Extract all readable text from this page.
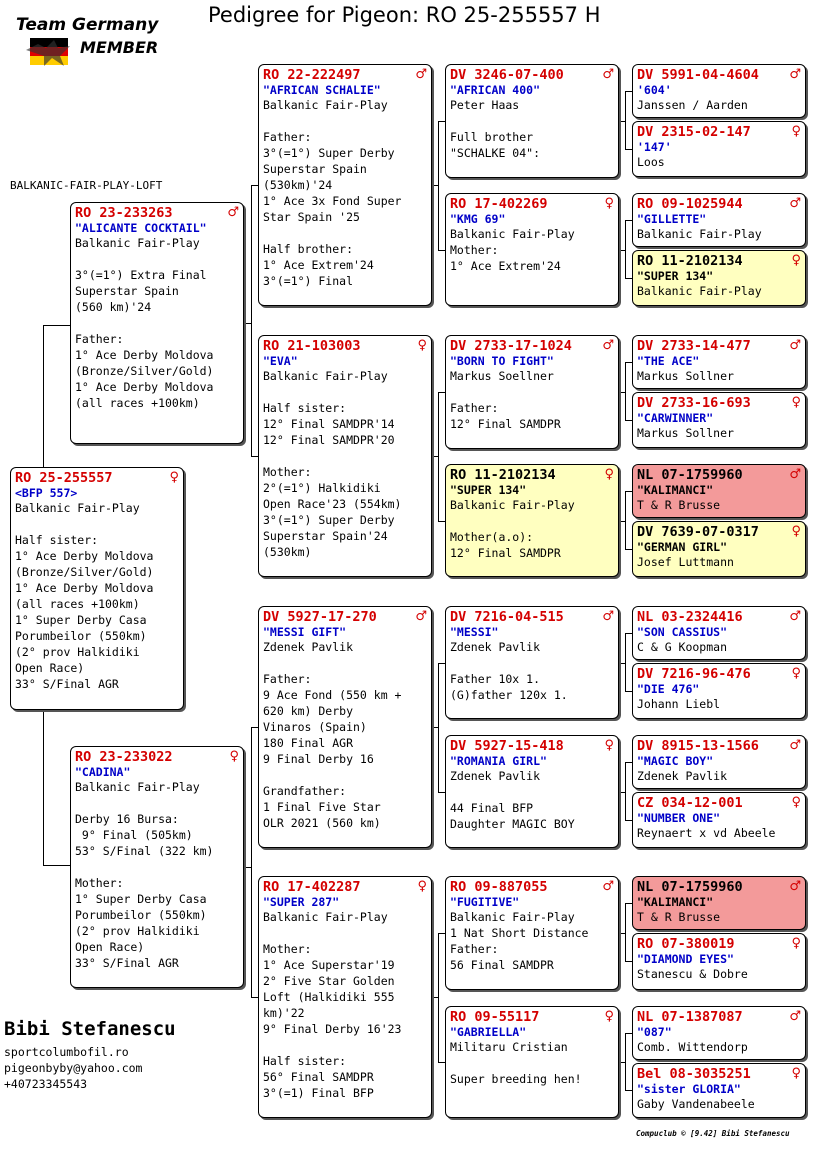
Team Germany
MEMBER
Pedigree for Pigeon: RO 25-255557 H
BALKANIC-FAIR-PLAY-LOFT
RO 25-255557	♀
<BFP 557>
Balkanic Fair-Play

Half sister:
1° Ace Derby Moldova
(Bronze/Silver/Gold)
1° Ace Derby Moldova
(all races +100km)
1° Super Derby Casa
Porumbeilor (550km)
(2° prov Halkidiki
Open Race)
33° S/Final AGR
RO 23-233263	♂
"ALICANTE COCKTAIL"
Balkanic Fair-Play

3°(=1°) Extra Final
Superstar Spain
(560 km)'24

Father:
1° Ace Derby Moldova
(Bronze/Silver/Gold)
1° Ace Derby Moldova
(all races +100km)
RO 23-233022	♀
"CADINA"
Balkanic Fair-Play

Derby 16 Bursa:
9° Final (505km)
53° S/Final (322 km)

Mother:
1° Super Derby Casa
Porumbeilor (550km)
(2° prov Halkidiki
Open Race)
33° S/Final AGR
RO 22-222497	♂
"AFRICAN SCHALIE"
Balkanic Fair-Play

Father:
3°(=1°) Super Derby
Superstar Spain
(530km)'24
1° Ace 3x Fond Super
Star Spain '25

Half brother:
1° Ace Extrem'24
3°(=1°) Final
RO 21-103003	♀
"EVA"
Balkanic Fair-Play

Half sister:
12° Final SAMDPR'14
12° Final SAMDPR'20

Mother:
2°(=1°) Halkidiki
Open Race'23 (554km)
3°(=1°) Super Derby
Superstar Spain'24
(530km)
DV 5927-17-270	♂
"MESSI GIFT"
Zdenek Pavlik

Father:
9 Ace Fond (550 km +
620 km) Derby
Vinaros (Spain)
180 Final AGR
9 Final Derby 16

Grandfather:
1 Final Five Star
OLR 2021 (560 km)
RO 17-402287	♀
"SUPER 287"
Balkanic Fair-Play

Mother:
1° Ace Superstar'19
2° Five Star Golden
Loft (Halkidiki 555
km)'22
9° Final Derby 16'23

Half sister:
56° Final SAMDPR
3°(=1) Final BFP
DV 3246-07-400	♂
"AFRICAN 400"
Peter Haas

Full brother
"SCHALKE 04":
RO 17-402269	♀
"KMG 69"
Balkanic Fair-Play
Mother:
1° Ace Extrem'24
DV 2733-17-1024 ♂
"BORN TO FIGHT"
Markus Soellner

Father:
12° Final SAMDPR
RO 11-2102134	♀
"SUPER 134"
Balkanic Fair-Play

Mother(a.o):
12° Final SAMDPR
DV 7216-04-515	♂
"MESSI"
Zdenek Pavlik

Father 10x 1.
(G)father 120x 1.
DV 5927-15-418	♀
"ROMANIA GIRL"
Zdenek Pavlik

44 Final BFP
Daughter MAGIC BOY
RO 09-887055	♂
"FUGITIVE"
Balkanic Fair-Play
1 Nat Short Distance
Father:
56 Final SAMDPR
RO 09-55117	♀
"GABRIELLA"
Militaru Cristian

Super breeding hen!
DV 5991-04-4604 ♂
'604'
Janssen / Aarden
DV 2315-02-147	♀
'147'
Loos
RO 09-1025944	♂
"GILLETTE"
Balkanic Fair-Play
RO 11-2102134	♀
"SUPER 134"
Balkanic Fair-Play
DV 2733-14-477	♂
"THE ACE"
Markus Sollner
DV 2733-16-693	♀
"CARWINNER"
Markus Sollner
NL 07-1759960	♂
"KALIMANCI"
T & R Brusse
DV 7639-07-0317	♀
"GERMAN GIRL"
Josef Luttmann
NL 03-2324416	♂
"SON CASSIUS"
C & G Koopman
DV 7216-96-476	♀
"DIE 476"
Johann Liebl
DV 8915-13-1566 ♂
"MAGIC BOY"
Zdenek Pavlik
CZ 034-12-001	♀
"NUMBER ONE"
Reynaert x vd Abeele
NL 07-1759960	♂
"KALIMANCI"
T & R Brusse
RO 07-380019	♀
"DIAMOND EYES"
Stanescu & Dobre
NL 07-1387087	♂
"087"
Comb. Wittendorp
Bel 08-3035251	♀
"sister GLORIA"
Gaby Vandenabeele
Bibi Stefanescu
sportcolumbofil.ro
pigeonbyby@yahoo.com
+40723345543
Compuclub © [9.42] Bibi Stefanescu
